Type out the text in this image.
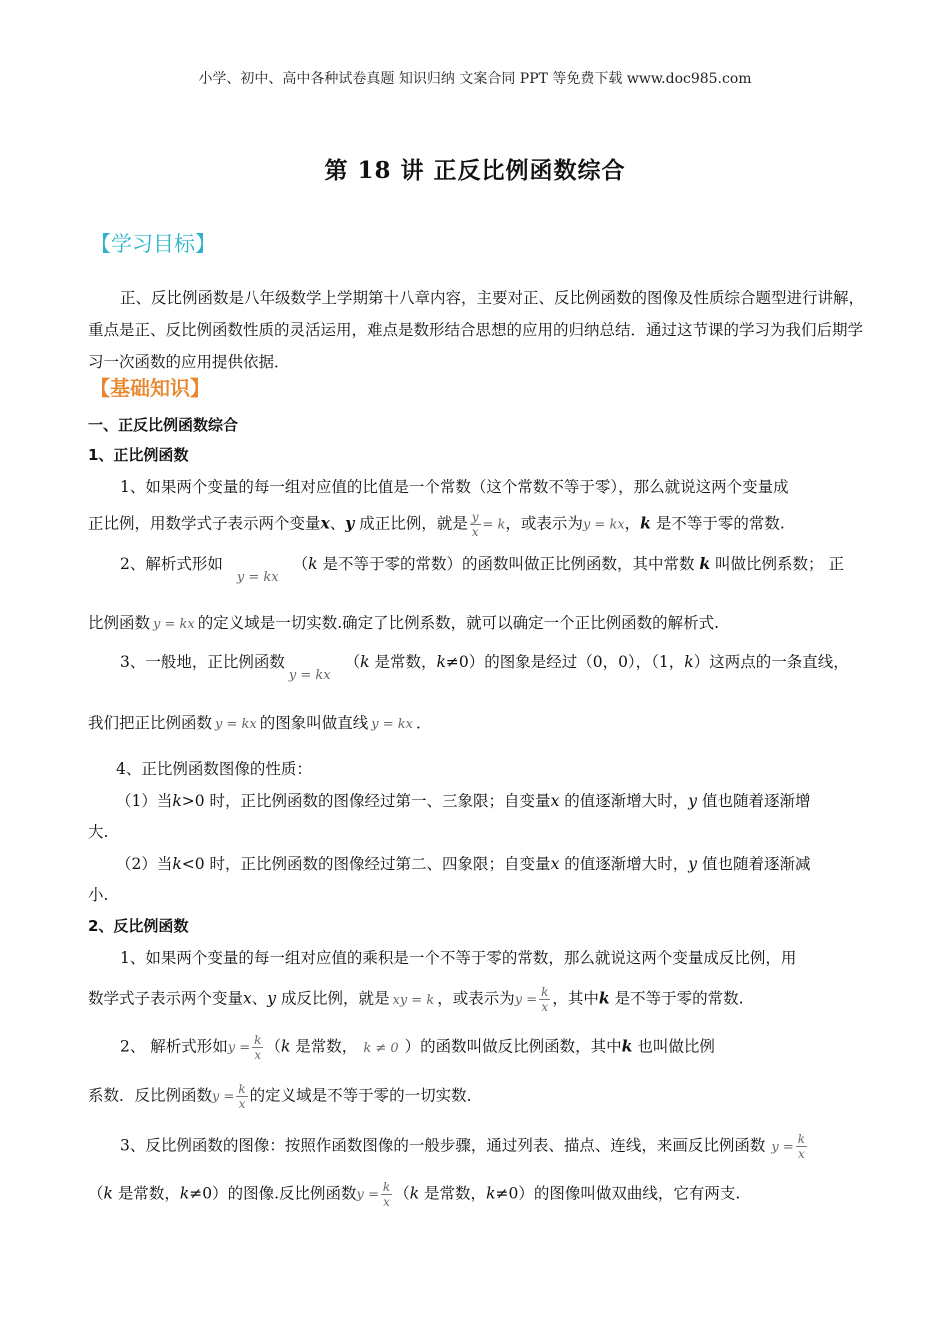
小学、初中、高中各种试卷真题 知识归纳 文案合同 PPT 等免费下载 www.doc985.com
第 18 讲 正反比例函数综合
【学习目标】
正、反比例函数是八年级数学上学期第十八章内容，主要对正、反比例函数的图像及性质综合题型进行讲解，重点是正、反比例函数性质的灵活运用，难点是数形结合思想的应用的归纳总结．通过这节课的学习为我们后期学习一次函数的应用提供依据．
【基础知识】
一、正反比例函数综合
1、正比例函数
1、如果两个变量的每一组对应值的比值是一个常数（这个常数不等于零），那么就说这两个变量成
正比例，用数学式子表示两个变量x、y 成正比例，就是 $\frac{y}{x} = k$，或表示为y = kx，k 是不等于零的常数.
2、解析式形如$_{y = kx}$（k 是不等于零的常数）的函数叫做正比例函数，其中常数 k 叫做比例系数； 正
比例函数 y = kx 的定义域是一切实数.确定了比例系数，就可以确定一个正比例函数的解析式.
3、一般地，正比例函数$_{y = kx}$（k 是常数，k≠0）的图象是经过（0，0），（1，k）这两点的一条直线，
我们把正比例函数 y = kx 的图象叫做直线 y = kx ．
4、正比例函数图像的性质：
（1）当k>0 时，正比例函数的图像经过第一、三象限；自变量x 的值逐渐增大时，y 值也随着逐渐增
大.
（2）当k<0 时，正比例函数的图像经过第二、四象限；自变量x 的值逐渐增大时，y 值也随着逐渐减
小.
2、反比例函数
1、如果两个变量的每一组对应值的乘积是一个不等于零的常数，那么就说这两个变量成反比例，用
数学式子表示两个变量x、y 成反比例，就是 xy = k ，或表示为$y = \frac{k}{x}$ ，其中k 是不等于零的常数.
2、 解析式形如$y = \frac{k}{x} (k$ 是常数， k ≠ 0 ）的函数叫做反比例函数，其中k 也叫做比例
系数．反比例函数$y = \frac{k}{x}$ 的定义域是不等于零的一切实数．
3、反比例函数的图像：按照作函数图像的一般步骤，通过列表、描点、连线，来画反比例函数 $y = \frac{k}{x}$
（k 是常数，k≠0）的图像.反比例函数$y = \frac{k}{x} (k$ 是常数，k≠0）的图像叫做双曲线，它有两支.
